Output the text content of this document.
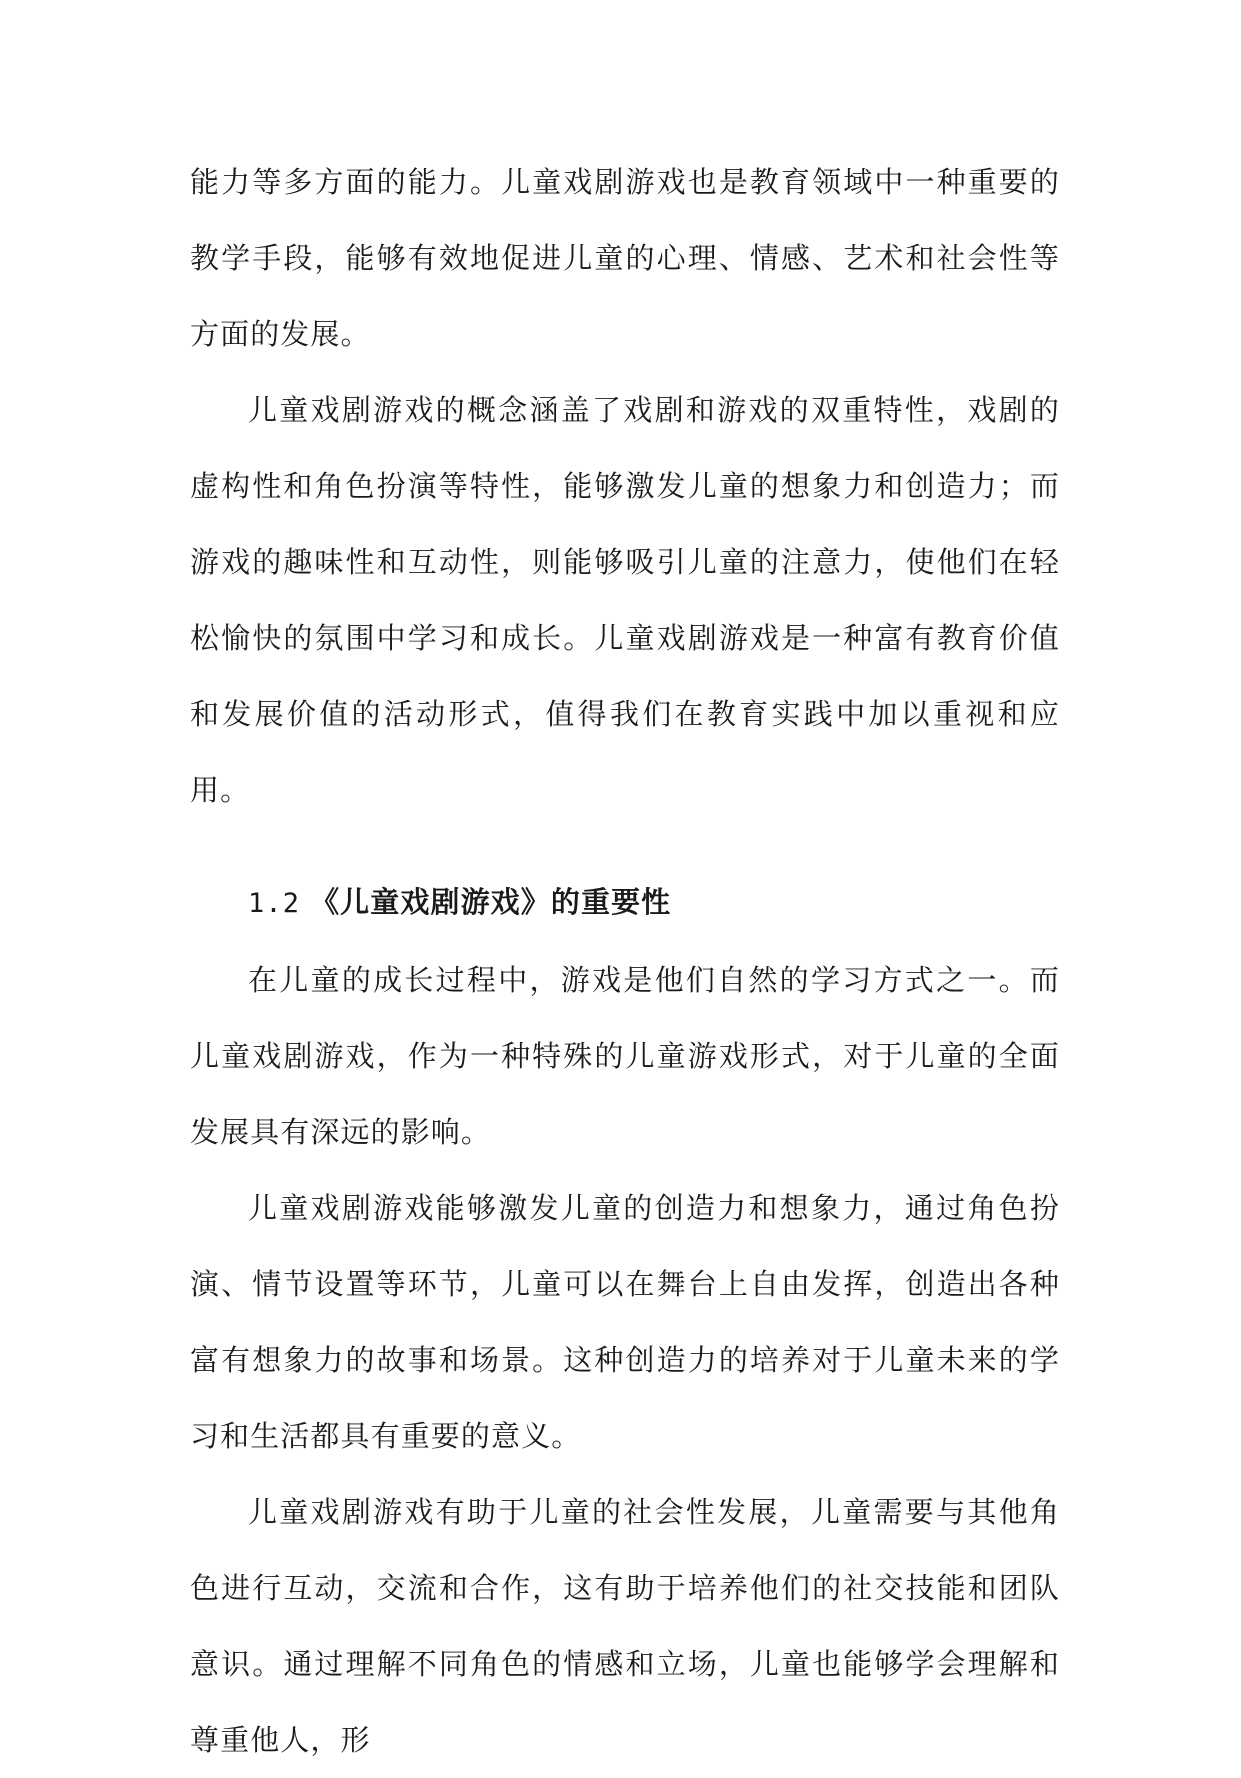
能力等多方面的能力。儿童戏剧游戏也是教育领域中一种重要的教学手段，能够有效地促进儿童的心理、情感、艺术和社会性等方面的发展。

儿童戏剧游戏的概念涵盖了戏剧和游戏的双重特性，戏剧的虚构性和角色扮演等特性，能够激发儿童的想象力和创造力；而游戏的趣味性和互动性，则能够吸引儿童的注意力，使他们在轻松愉快的氛围中学习和成长。儿童戏剧游戏是一种富有教育价值和发展价值的活动形式，值得我们在教育实践中加以重视和应用。

1.2 《儿童戏剧游戏》的重要性

在儿童的成长过程中，游戏是他们自然的学习方式之一。而儿童戏剧游戏，作为一种特殊的儿童游戏形式，对于儿童的全面发展具有深远的影响。

儿童戏剧游戏能够激发儿童的创造力和想象力，通过角色扮演、情节设置等环节，儿童可以在舞台上自由发挥，创造出各种富有想象力的故事和场景。这种创造力的培养对于儿童未来的学习和生活都具有重要的意义。

儿童戏剧游戏有助于儿童的社会性发展，儿童需要与其他角色进行互动，交流和合作，这有助于培养他们的社交技能和团队意识。通过理解不同角色的情感和立场，儿童也能够学会理解和尊重他人，形
